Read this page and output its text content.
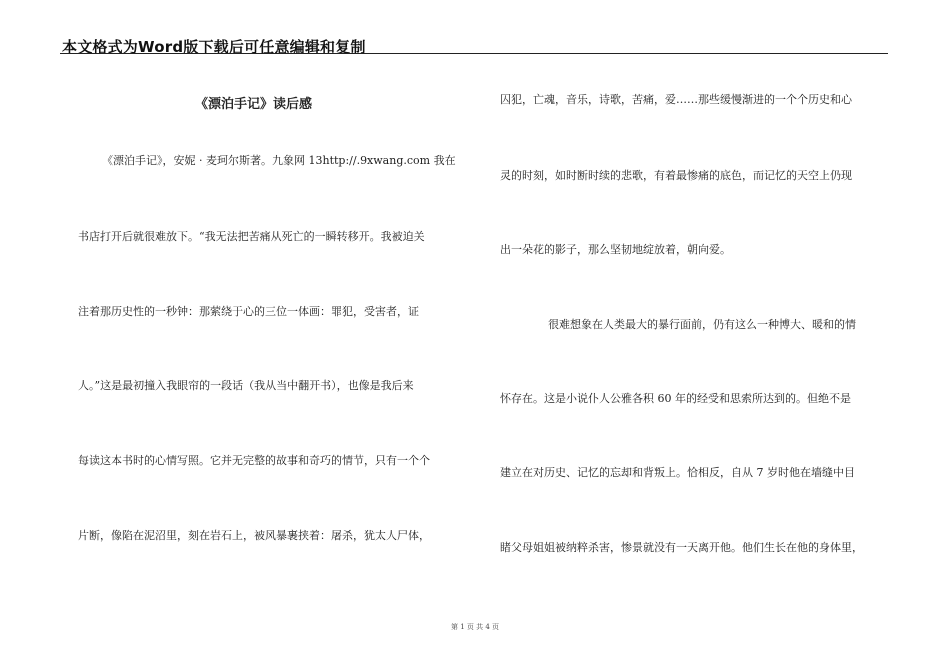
本文格式为Word版下载后可任意编辑和复制
《漂泊手记》读后感
《漂泊手记》，安妮 · 麦珂尔斯著。九象网 13http://.9xwang.com 我在
书店打开后就很难放下。“我无法把苦痛从死亡的一瞬转移开。我被迫关
注着那历史性的一秒钟：那萦绕于心的三位一体画：罪犯，受害者，证
人。”这是最初撞入我眼帘的一段话（我从当中翻开书），也像是我后来
每读这本书时的心情写照。它并无完整的故事和奇巧的情节，只有一个个
片断，像陷在泥沼里，刻在岩石上，被风暴裹挟着：屠杀，犹太人尸体，
囚犯，亡魂，音乐，诗歌，苦痛，爱……那些缓慢渐进的一个个历史和心
灵的时刻，如时断时续的悲歌，有着最惨痛的底色，而记忆的天空上仍现
出一朵花的影子，那么坚韧地绽放着，朝向爱。
很难想象在人类最大的暴行面前，仍有这么一种博大、暖和的情
怀存在。这是小说仆人公雅各积 60 年的经受和思索所达到的。但绝不是
建立在对历史、记忆的忘却和背叛上。恰相反，自从 7 岁时他在墙缝中目
睹父母姐姐被纳粹杀害，惨景就没有一天离开他。他们生长在他的身体里，
第 1 页 共 4 页
